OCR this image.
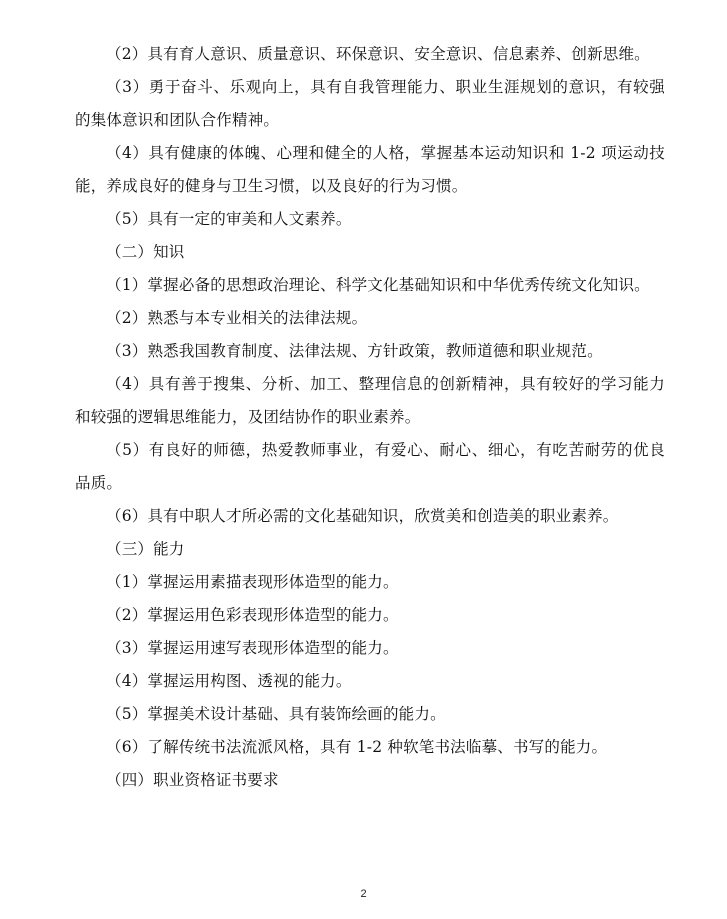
（2）具有育人意识、质量意识、环保意识、安全意识、信息素养、创新思维。

（3）勇于奋斗、乐观向上，具有自我管理能力、职业生涯规划的意识，有较强的集体意识和团队合作精神。

（4）具有健康的体魄、心理和健全的人格，掌握基本运动知识和 1-2 项运动技能，养成良好的健身与卫生习惯，以及良好的行为习惯。

（5）具有一定的审美和人文素养。

（二）知识

（1）掌握必备的思想政治理论、科学文化基础知识和中华优秀传统文化知识。

（2）熟悉与本专业相关的法律法规。

（3）熟悉我国教育制度、法律法规、方针政策，教师道德和职业规范。

（4）具有善于搜集、分析、加工、整理信息的创新精神，具有较好的学习能力和较强的逻辑思维能力，及团结协作的职业素养。

（5）有良好的师德，热爱教师事业，有爱心、耐心、细心，有吃苦耐劳的优良品质。

（6）具有中职人才所必需的文化基础知识，欣赏美和创造美的职业素养。

（三）能力

（1）掌握运用素描表现形体造型的能力。

（2）掌握运用色彩表现形体造型的能力。

（3）掌握运用速写表现形体造型的能力。

（4）掌握运用构图、透视的能力。

（5）掌握美术设计基础、具有装饰绘画的能力。

（6）了解传统书法流派风格，具有 1-2 种软笔书法临摹、书写的能力。

（四）职业资格证书要求

2
